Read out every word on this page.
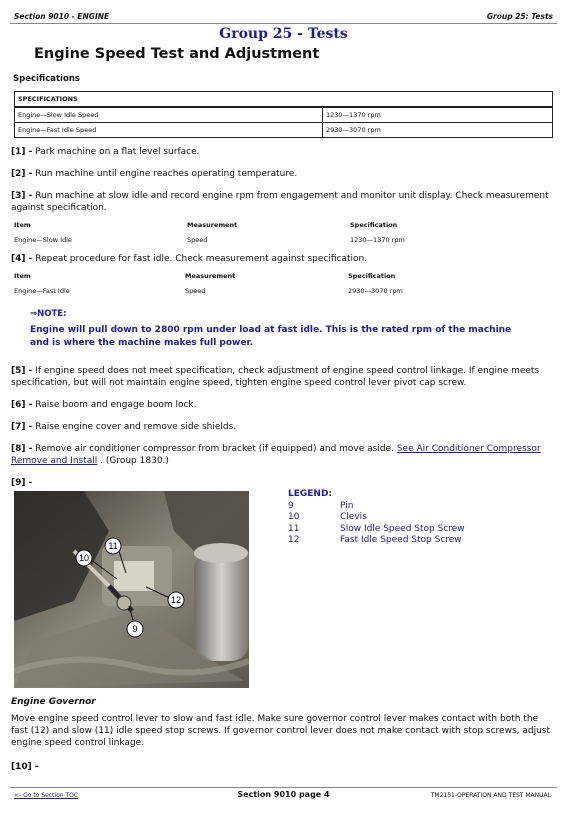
Section 9010 - ENGINE	Group 25: Tests
Group 25 - Tests
Engine Speed Test and Adjustment
Specifications
SPECIFICATIONS	
Engine—Slow Idle Speed	1230—1370 rpm
Engine—Fast Idle Speed	2930—3070 rpm
[1] - Park machine on a flat level surface.
[2] - Run machine until engine reaches operating temperature.
[3] - Run machine at slow idle and record engine rpm from engagement and monitor unit display. Check measurement against specification.
Item	Measurement	Specification
Engine—Slow Idle	Speed	1230—1370 rpm
[4] - Repeat procedure for fast idle. Check measurement against specification.
Item	Measurement	Specification
Engine—Fast Idle	Speed	2930—3070 rpm
⇒NOTE:
Engine will pull down to 2800 rpm under load at fast idle. This is the rated rpm of the machine and is where the machine makes full power.
[5] - If engine speed does not meet specification, check adjustment of engine speed control linkage. If engine meets specification, but will not maintain engine speed, tighten engine speed control lever pivot cap screw.
[6] - Raise boom and engage boom lock.
[7] - Raise engine cover and remove side shields.
[8] - Remove air conditioner compressor from bracket (if equipped) and move aside. See Air Conditioner Compressor Remove and Install . (Group 1830.)
[9] -
10
11
12
9
LEGEND:
9	Pin
10	Clevis
11	Slow Idle Speed Stop Screw
12	Fast Idle Speed Stop Screw
Engine Governor
Move engine speed control lever to slow and fast idle. Make sure governor control lever makes contact with both the fast (12) and slow (11) idle speed stop screws. If governor control lever does not make contact with stop screws, adjust engine speed control linkage.
[10] -
<- Go to Section TOC	Section 9010 page 4	TM2151-OPERATION AND TEST MANUAL
